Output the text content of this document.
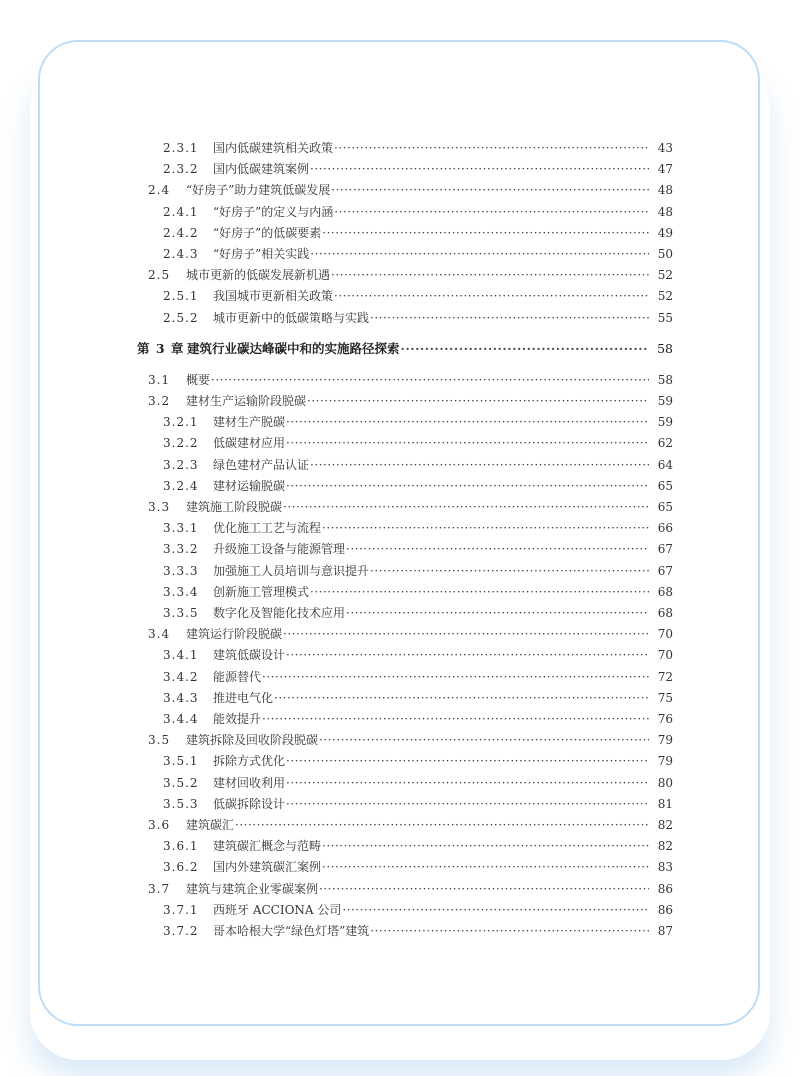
2.3.1	国内低碳建筑相关政策 ·····	43
2.3.2	国内低碳建筑案例 ·····	47
2.4	“好房子”助力建筑低碳发展 ·····	48
2.4.1	“好房子”的定义与内涵 ·····	48
2.4.2	“好房子”的低碳要素 ·····	49
2.4.3	“好房子”相关实践 ·····	50
2.5	城市更新的低碳发展新机遇 ·····	52
2.5.1	我国城市更新相关政策 ·····	52
2.5.2	城市更新中的低碳策略与实践 ·····	55
第 3 章 建筑行业碳达峰碳中和的实施路径探索 ·····	58
3.1	概要 ·····	58
3.2	建材生产运输阶段脱碳 ·····	59
3.2.1	建材生产脱碳 ·····	59
3.2.2	低碳建材应用 ·····	62
3.2.3	绿色建材产品认证 ·····	64
3.2.4	建材运输脱碳 ·····	65
3.3	建筑施工阶段脱碳 ·····	65
3.3.1	优化施工工艺与流程 ·····	66
3.3.2	升级施工设备与能源管理 ·····	67
3.3.3	加强施工人员培训与意识提升 ·····	67
3.3.4	创新施工管理模式 ·····	68
3.3.5	数字化及智能化技术应用 ·····	68
3.4	建筑运行阶段脱碳 ·····	70
3.4.1	建筑低碳设计 ·····	70
3.4.2	能源替代 ·····	72
3.4.3	推进电气化 ·····	75
3.4.4	能效提升 ·····	76
3.5	建筑拆除及回收阶段脱碳 ·····	79
3.5.1	拆除方式优化 ·····	79
3.5.2	建材回收利用 ·····	80
3.5.3	低碳拆除设计 ·····	81
3.6	建筑碳汇 ·····	82
3.6.1	建筑碳汇概念与范畴 ·····	82
3.6.2	国内外建筑碳汇案例 ·····	83
3.7	建筑与建筑企业零碳案例 ·····	86
3.7.1	西班牙 ACCIONA 公司 ·····	86
3.7.2	哥本哈根大学“绿色灯塔”建筑 ·····	87
